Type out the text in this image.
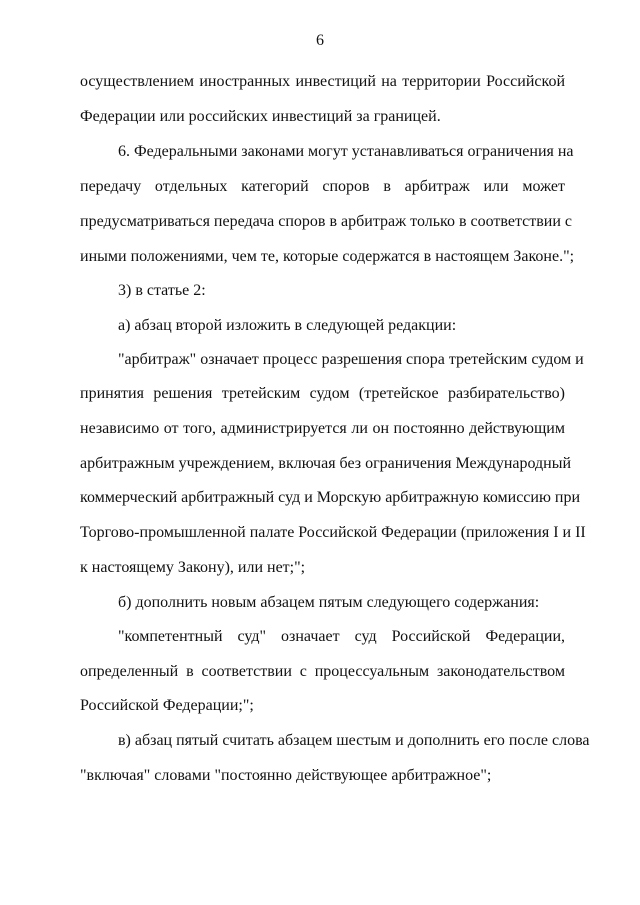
6
осуществлением иностранных инвестиций на территории Российской
Федерации или российских инвестиций за границей.
6. Федеральными законами могут устанавливаться ограничения на
передачу отдельных категорий споров в арбитраж или может
предусматриваться передача споров в арбитраж только в соответствии с
иными положениями, чем те, которые содержатся в настоящем Законе.";
3) в статье 2:
а) абзац второй изложить в следующей редакции:
"арбитраж" означает процесс разрешения спора третейским судом и
принятия решения третейским судом (третейское разбирательство)
независимо от того, администрируется ли он постоянно действующим
арбитражным учреждением, включая без ограничения Международный
коммерческий арбитражный суд и Морскую арбитражную комиссию при
Торгово-промышленной палате Российской Федерации (приложения I и II
к настоящему Закону), или нет;";
б) дополнить новым абзацем пятым следующего содержания:
"компетентный суд" означает суд Российской Федерации,
определенный в соответствии с процессуальным законодательством
Российской Федерации;";
в) абзац пятый считать абзацем шестым и дополнить его после слова
"включая" словами "постоянно действующее арбитражное";
